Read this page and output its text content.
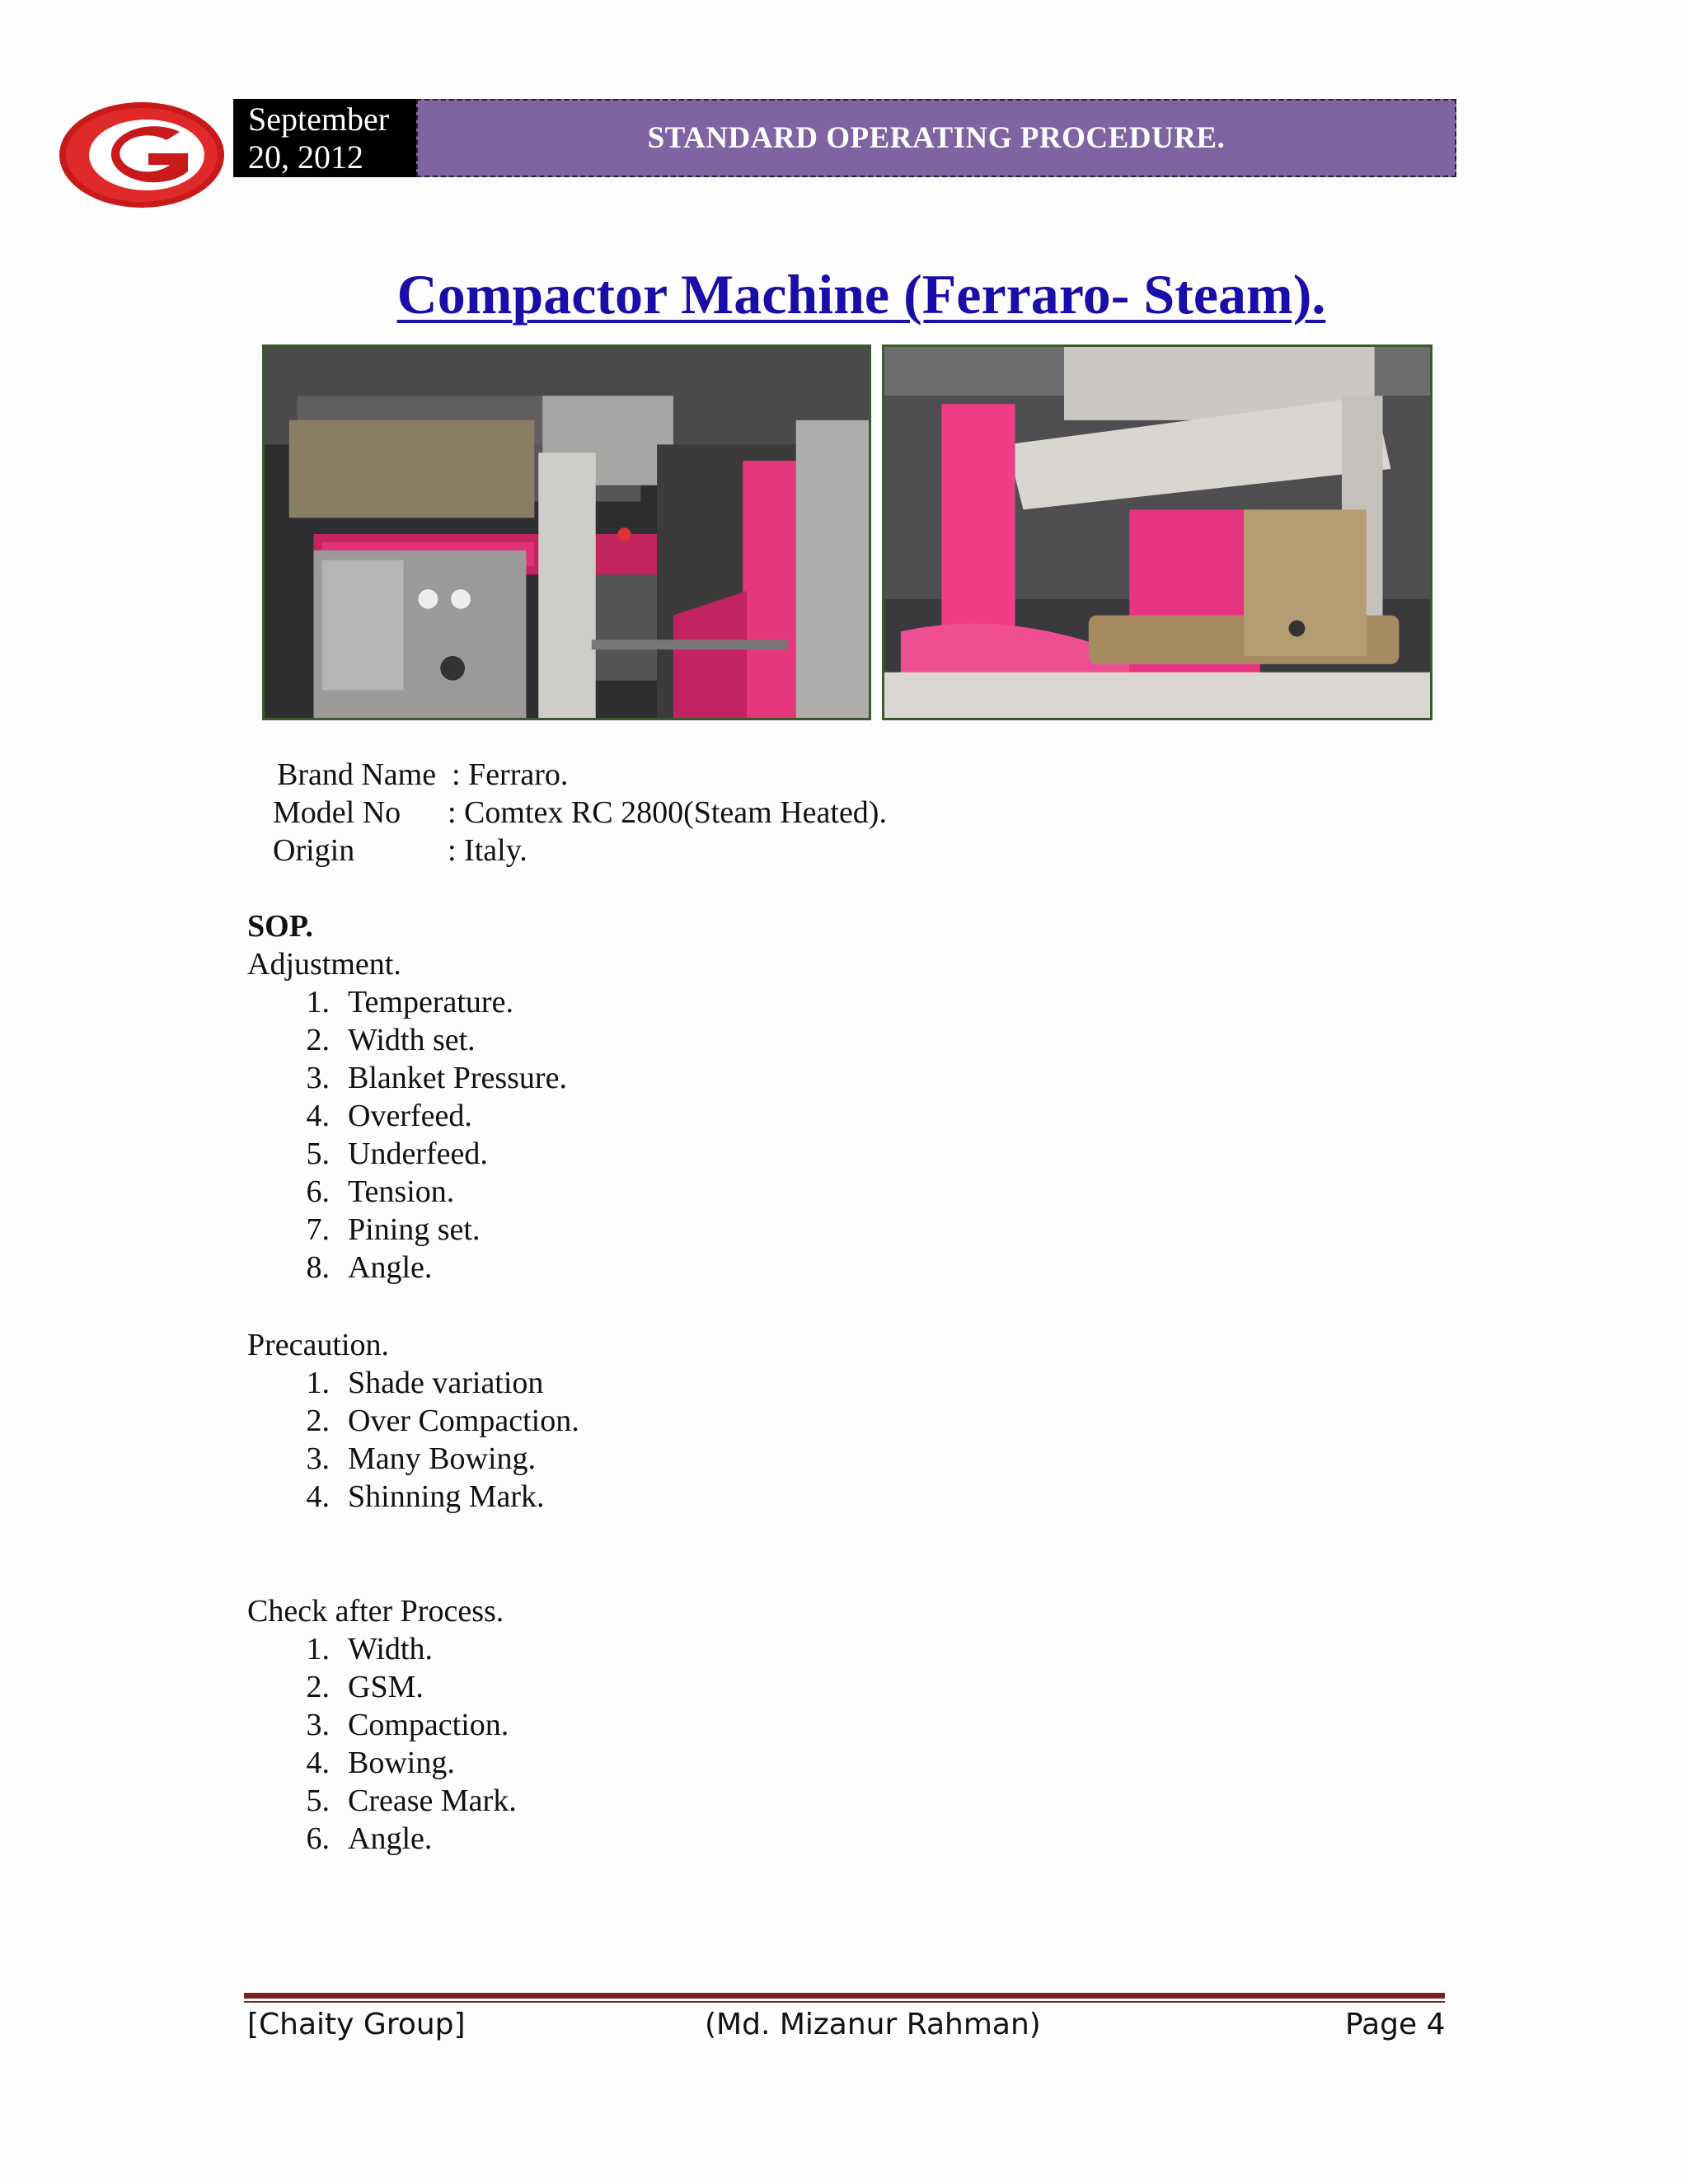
September
20, 2012
STANDARD OPERATING PROCEDURE.
Compactor Machine (Ferraro- Steam).
Brand Name : Ferraro.
Model No : Comtex RC 2800(Steam Heated).
Origin	: Italy.
SOP.
Adjustment.
1. Temperature.
2. Width set.
3. Blanket Pressure.
4. Overfeed.
5. Underfeed.
6. Tension.
7. Pining set.
8. Angle.
Precaution.
1. Shade variation
2. Over Compaction.
3. Many Bowing.
4. Shinning Mark.
Check after Process.
1. Width.
2. GSM.
3. Compaction.
4. Bowing.
5. Crease Mark.
6. Angle.
[Chaity Group]	(Md. Mizanur Rahman)	Page 4
